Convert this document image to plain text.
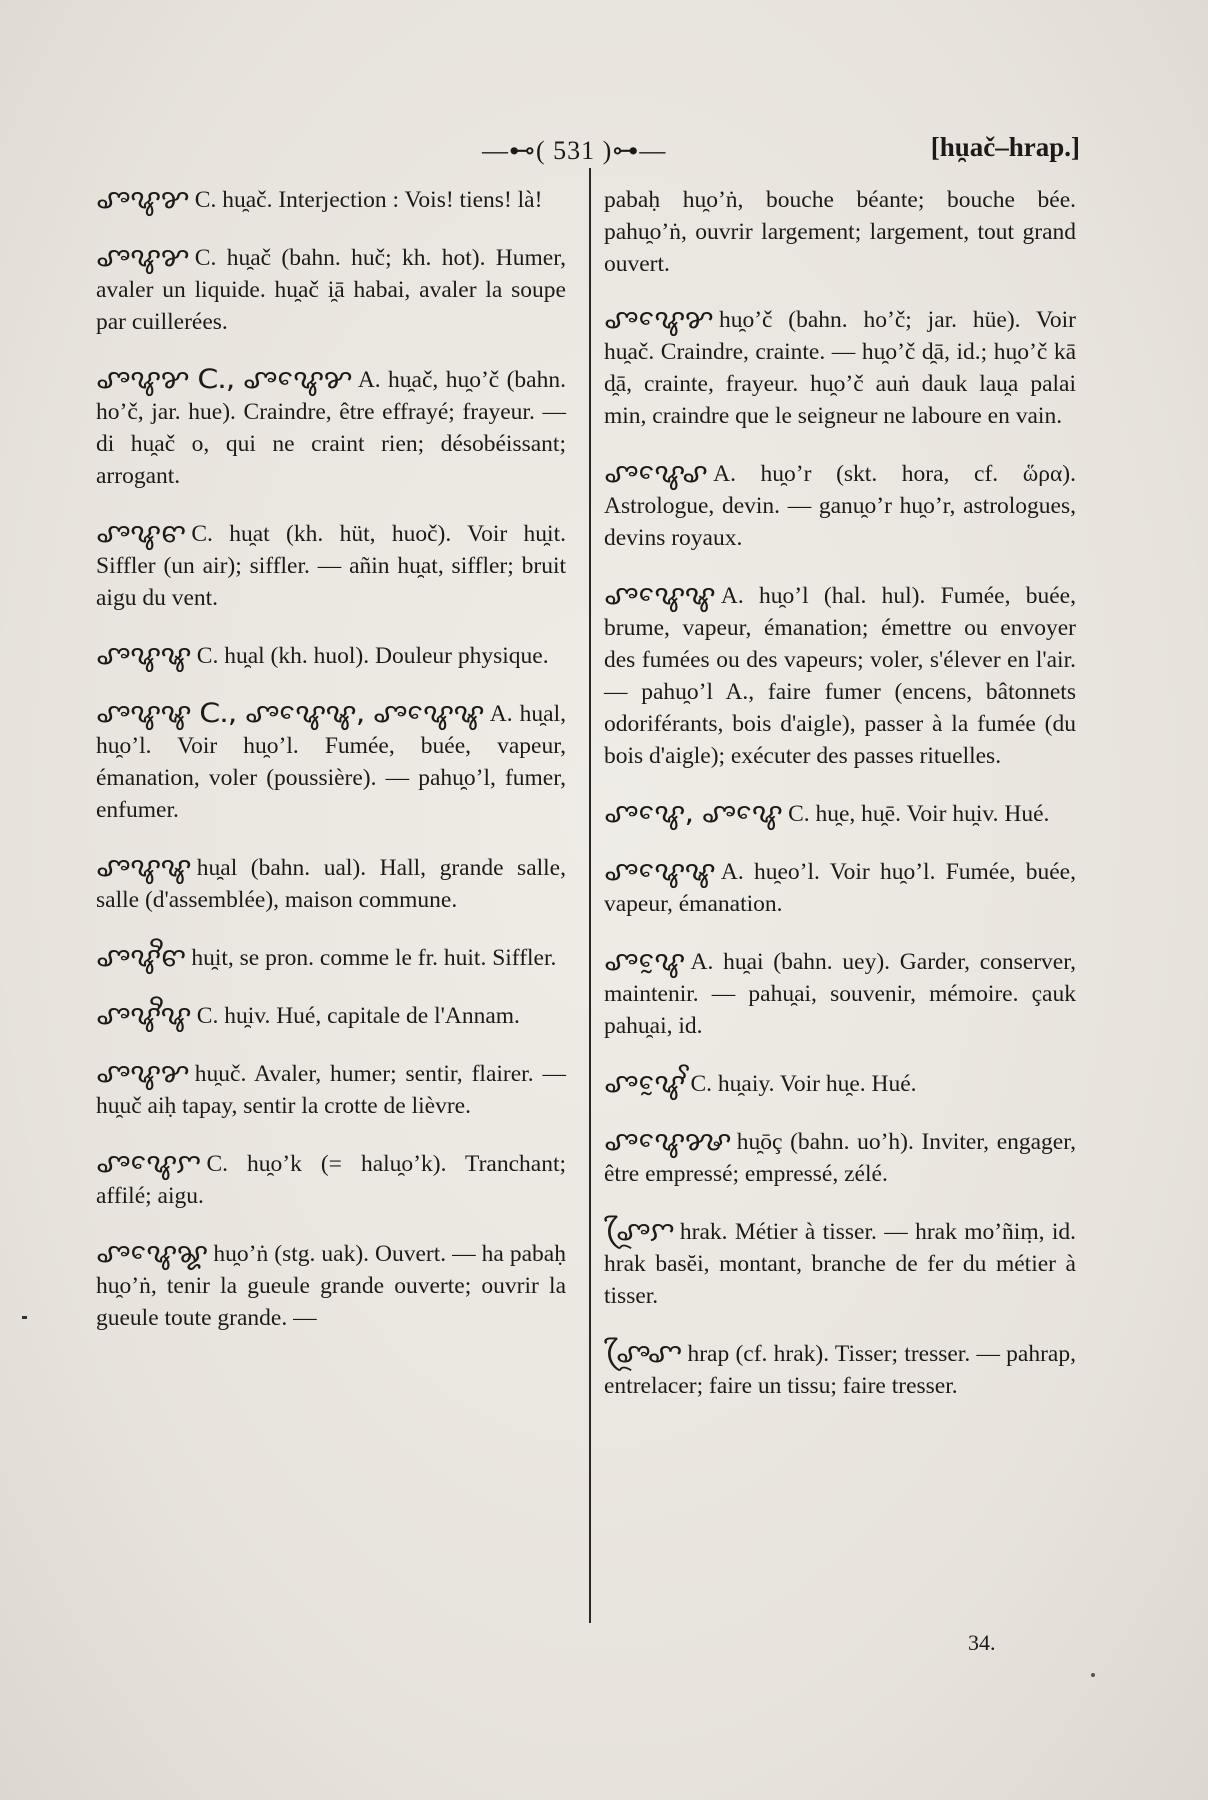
—⊷( 531 )⊶—	[hu̯ač–hrap.]

ꨨꨥꨌ C. hu̯ač. Interjection : Vois! tiens! là!

ꨨꨥꨌ C. hu̯ač (bahn. huč; kh. hot). Humer, avaler un liquide. hu̯ač i̯ā habai, avaler la soupe par cuillerées.

ꨨꨥꨌ C., ꨨꨥꨯꨌ A. hu̯ač, hu̯oʼč (bahn. hoʼč, jar. hue). Craindre, être effrayé; frayeur. — di hu̯ač o, qui ne craint rien; désobéissant; arrogant.

ꨨꨥꨓ C. hu̯at (kh. hüt, huoč). Voir hu̯it. Siffler (un air); siffler. — añin hu̯at, siffler; bruit aigu du vent.

ꨨꨥꨡ C. hu̯al (kh. huol). Douleur physique.

ꨨꨥꨡ C., ꨨꨥꨯꨡ, ꨨꨥꨯꨡ A. hu̯al, hu̯oʼl. Voir hu̯oʼl. Fumée, buée, vapeur, émanation, voler (poussière). — pahu̯oʼl, fumer, enfumer.

ꨨꨥꨡ hu̯al (bahn. ual). Hall, grande salle, salle (d'assemblée), maison commune.

ꨨꨥꨪꨓ hu̯it, se pron. comme le fr. huit. Siffler.

ꨨꨥꨪꨥ C. hu̯iv. Hué, capitale de l'Annam.

ꨨꨥꨌ hu̯uč. Avaler, humer; sentir, flairer. — hu̯uč aiḥ tapay, sentir la crotte de lièvre.

ꨨꨥꨯꨆ C. hu̯oʼk (= halu̯oʼk). Tranchant; affilé; aigu.

ꨨꨥꨯꨘ hu̯oʼṅ (stg. uak). Ouvert. — ha pabaḥ hu̯oʼṅ, tenir la gueule grande ouverte; ouvrir la gueule toute grande. —

pabaḥ hu̯oʼṅ, bouche béante; bouche bée. pahu̯oʼṅ, ouvrir largement; largement, tout grand ouvert.

ꨨꨥꨯꨌ hu̯oʼč (bahn. hoʼč; jar. hüe). Voir hu̯ač. Craindre, crainte. — hu̯oʼč d̯ā, id.; hu̯oʼč kā d̯ā, crainte, frayeur. hu̯oʼč auṅ dauk lau̯a palai min, craindre que le seigneur ne laboure en vain.

ꨨꨥꨯꨣ A. hu̯oʼr (skt. hora, cf. ὥρα). Astrologue, devin. — ganu̯oʼr hu̯oʼr, astrologues, devins royaux.

ꨨꨥꨯꨡ A. hu̯oʼl (hal. hul). Fumée, buée, brume, vapeur, émanation; émettre ou envoyer des fumées ou des vapeurs; voler, s'élever en l'air. — pahu̯oʼl A., faire fumer (encens, bâtonnets odoriférants, bois d'aigle), passer à la fumée (du bois d'aigle); exécuter des passes rituelles.

ꨨꨥꨯ, ꨨꨥꨯ C. hu̯e, hu̯ē. Voir hu̯iv. Hué.

ꨨꨥꨯꨡ A. hu̯eoʼl. Voir hu̯oʼl. Fumée, buée, vapeur, émanation.

ꨨꨥꨰ A. hu̯ai (bahn. uey). Garder, conserver, maintenir. — pahu̯ai, souvenir, mémoire. çauk pahu̯ai, id.

ꨨꨥꨰꨩ C. hu̯aiy. Voir hu̯e. Hué.

ꨨꨥꨯꨍ hu̯ōç (bahn. uoʼh). Inviter, engager, être empressé; empressé, zélé.

ꨨꨴꨆ hrak. Métier à tisser. — hrak moʼñiṃ, id. hrak basĕi, montant, branche de fer du métier à tisser.

ꨨꨴꨚ hrap (cf. hrak). Tisser; tresser. — pahrap, entrelacer; faire un tissu; faire tresser.

34.
